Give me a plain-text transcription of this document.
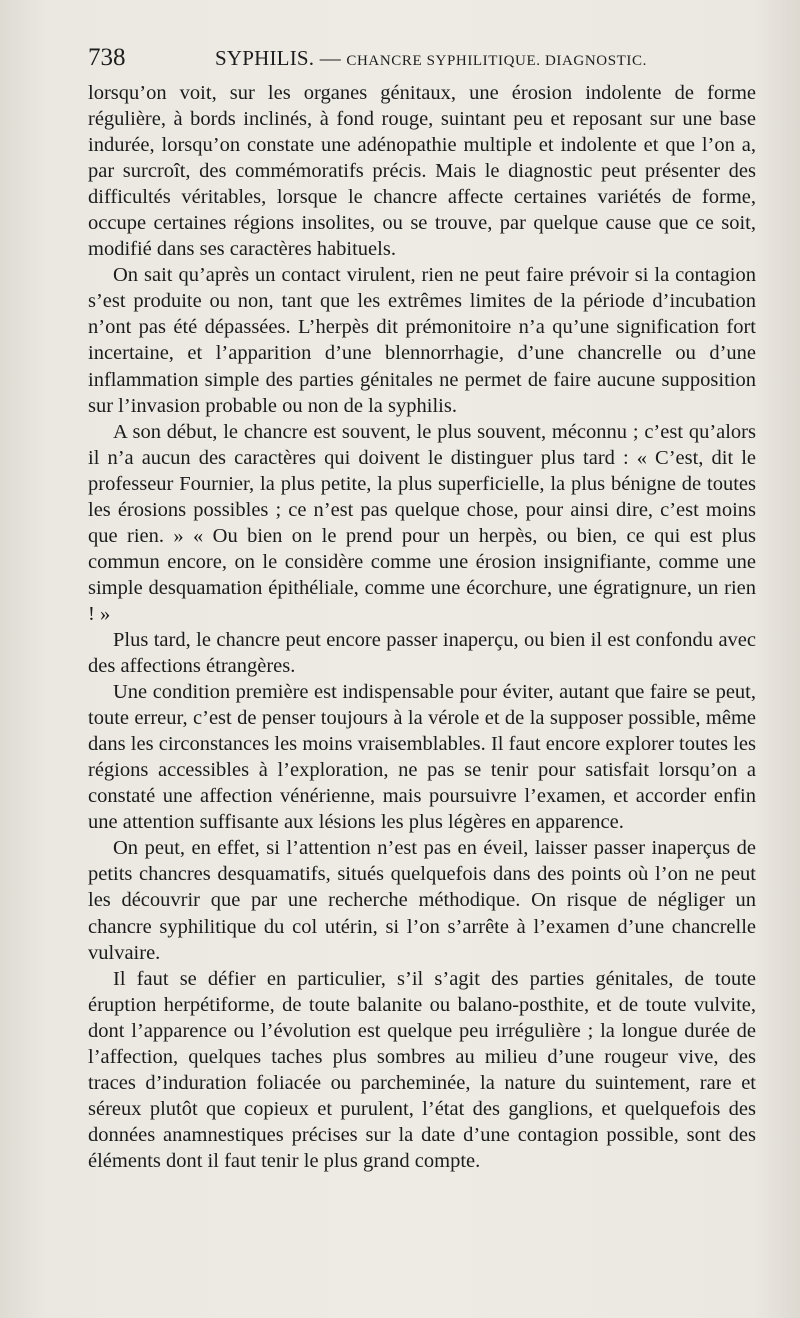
738	SYPHILIS. — CHANCRE SYPHILITIQUE. DIAGNOSTIC.

lorsqu’on voit, sur les organes génitaux, une érosion indolente de forme régulière, à bords inclinés, à fond rouge, suintant peu et reposant sur une base indurée, lorsqu’on constate une adénopathie multiple et indolente et que l’on a, par surcroît, des commémoratifs précis. Mais le diagnostic peut présenter des difficultés véritables, lorsque le chancre affecte certaines variétés de forme, occupe certaines régions insolites, ou se trouve, par quelque cause que ce soit, modifié dans ses caractères habituels.

On sait qu’après un contact virulent, rien ne peut faire prévoir si la contagion s’est produite ou non, tant que les extrêmes limites de la période d’incubation n’ont pas été dépassées. L’herpès dit prémonitoire n’a qu’une signification fort incertaine, et l’apparition d’une blennorrhagie, d’une chancrelle ou d’une inflammation simple des parties génitales ne permet de faire aucune supposition sur l’invasion probable ou non de la syphilis.

A son début, le chancre est souvent, le plus souvent, méconnu ; c’est qu’alors il n’a aucun des caractères qui doivent le distinguer plus tard : « C’est, dit le professeur Fournier, la plus petite, la plus superficielle, la plus bénigne de toutes les érosions possibles ; ce n’est pas quelque chose, pour ainsi dire, c’est moins que rien. » « Ou bien on le prend pour un herpès, ou bien, ce qui est plus commun encore, on le considère comme une érosion insignifiante, comme une simple desquamation épithéliale, comme une écorchure, une égratignure, un rien ! »

Plus tard, le chancre peut encore passer inaperçu, ou bien il est confondu avec des affections étrangères.

Une condition première est indispensable pour éviter, autant que faire se peut, toute erreur, c’est de penser toujours à la vérole et de la supposer possible, même dans les circonstances les moins vraisemblables. Il faut encore explorer toutes les régions accessibles à l’exploration, ne pas se tenir pour satisfait lorsqu’on a constaté une affection vénérienne, mais poursuivre l’examen, et accorder enfin une attention suffisante aux lésions les plus légères en apparence.

On peut, en effet, si l’attention n’est pas en éveil, laisser passer inaperçus de petits chancres desquamatifs, situés quelquefois dans des points où l’on ne peut les découvrir que par une recherche méthodique. On risque de négliger un chancre syphilitique du col utérin, si l’on s’arrête à l’examen d’une chancrelle vulvaire.

Il faut se défier en particulier, s’il s’agit des parties génitales, de toute éruption herpétiforme, de toute balanite ou balano-posthite, et de toute vulvite, dont l’apparence ou l’évolution est quelque peu irrégulière ; la longue durée de l’affection, quelques taches plus sombres au milieu d’une rougeur vive, des traces d’induration foliacée ou parcheminée, la nature du suintement, rare et séreux plutôt que copieux et purulent, l’état des ganglions, et quelquefois des données anamnestiques précises sur la date d’une contagion possible, sont des éléments dont il faut tenir le plus grand compte.
